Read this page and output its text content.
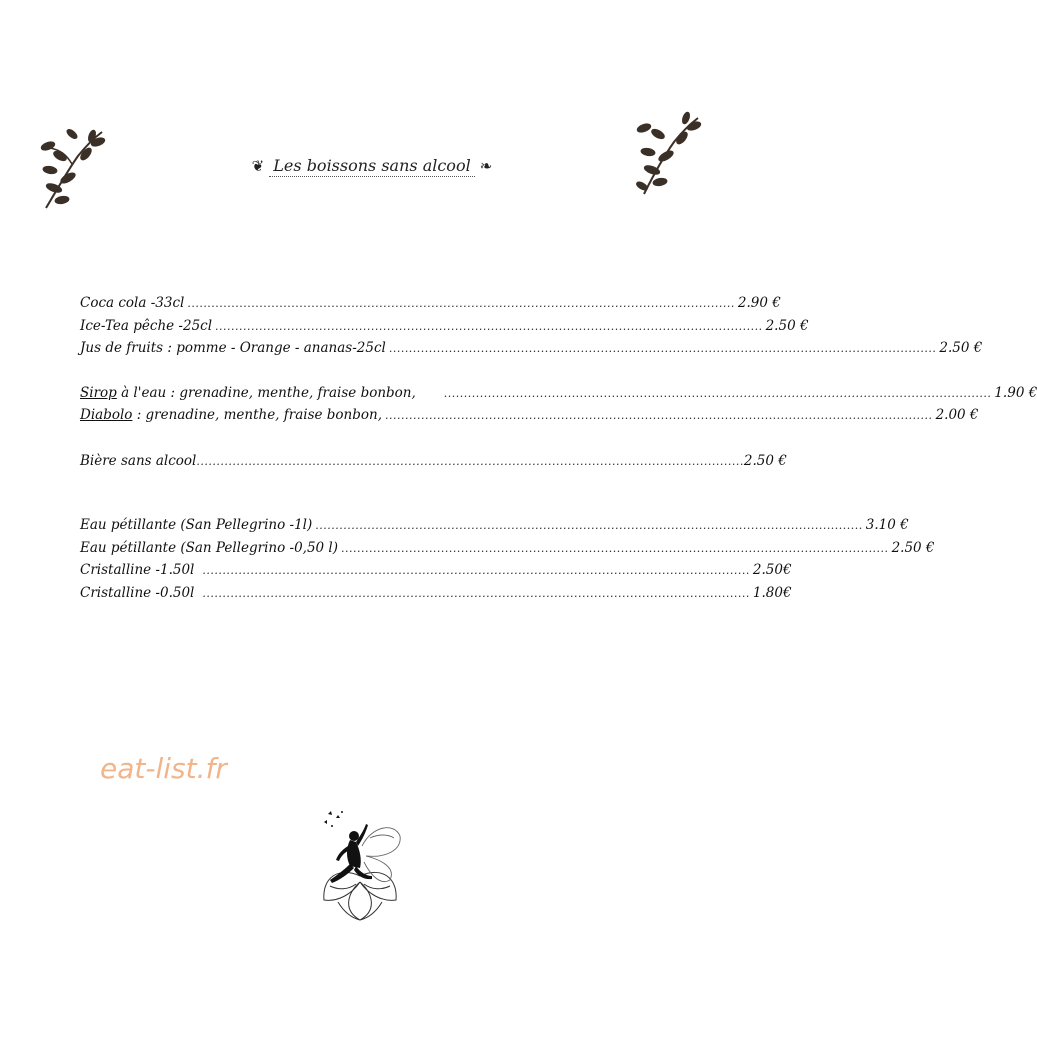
❦ Les boissons sans alcool ❧
Coca cola -33cl ......................................................................................................................................... 2.90 €
Ice-Tea pêche -25cl ......................................................................................................................................... 2.50 €
Jus de fruits : pomme - Orange - ananas-25cl ......................................................................................................................................... 2.50 €
Sirop à l'eau : grenadine, menthe, fraise bonbon,	......................................................................................................................................... 1.90 €
Diabolo : grenadine, menthe, fraise bonbon, ......................................................................................................................................... 2.00 €
Bière sans alcool ......................................................................................................................................... 2.50 €
Eau pétillante (San Pellegrino -1l) ......................................................................................................................................... 3.10 €
Eau pétillante (San Pellegrino -0,50 l) ......................................................................................................................................... 2.50 €
Cristalline -1.50l ......................................................................................................................................... 2.50€
Cristalline -0.50l ......................................................................................................................................... 1.80€
eat-list.fr
